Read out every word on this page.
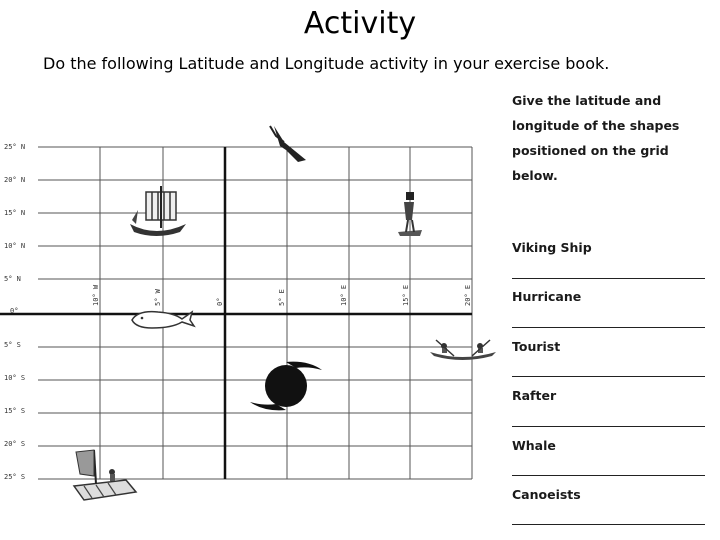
Activity
Do the following Latitude and Longitude activity in your exercise book.
25° N
20° N
15° N
10° N
5° N
0°
5° S
10° S
15° S
20° S
25° S
10° W	5° W	0°	5° E	10° E	15° E	20° E
Give the latitude and
longitude of the shapes
positioned on the grid
below.
Viking Ship
Hurricane
Tourist
Rafter
Whale
Canoeists
